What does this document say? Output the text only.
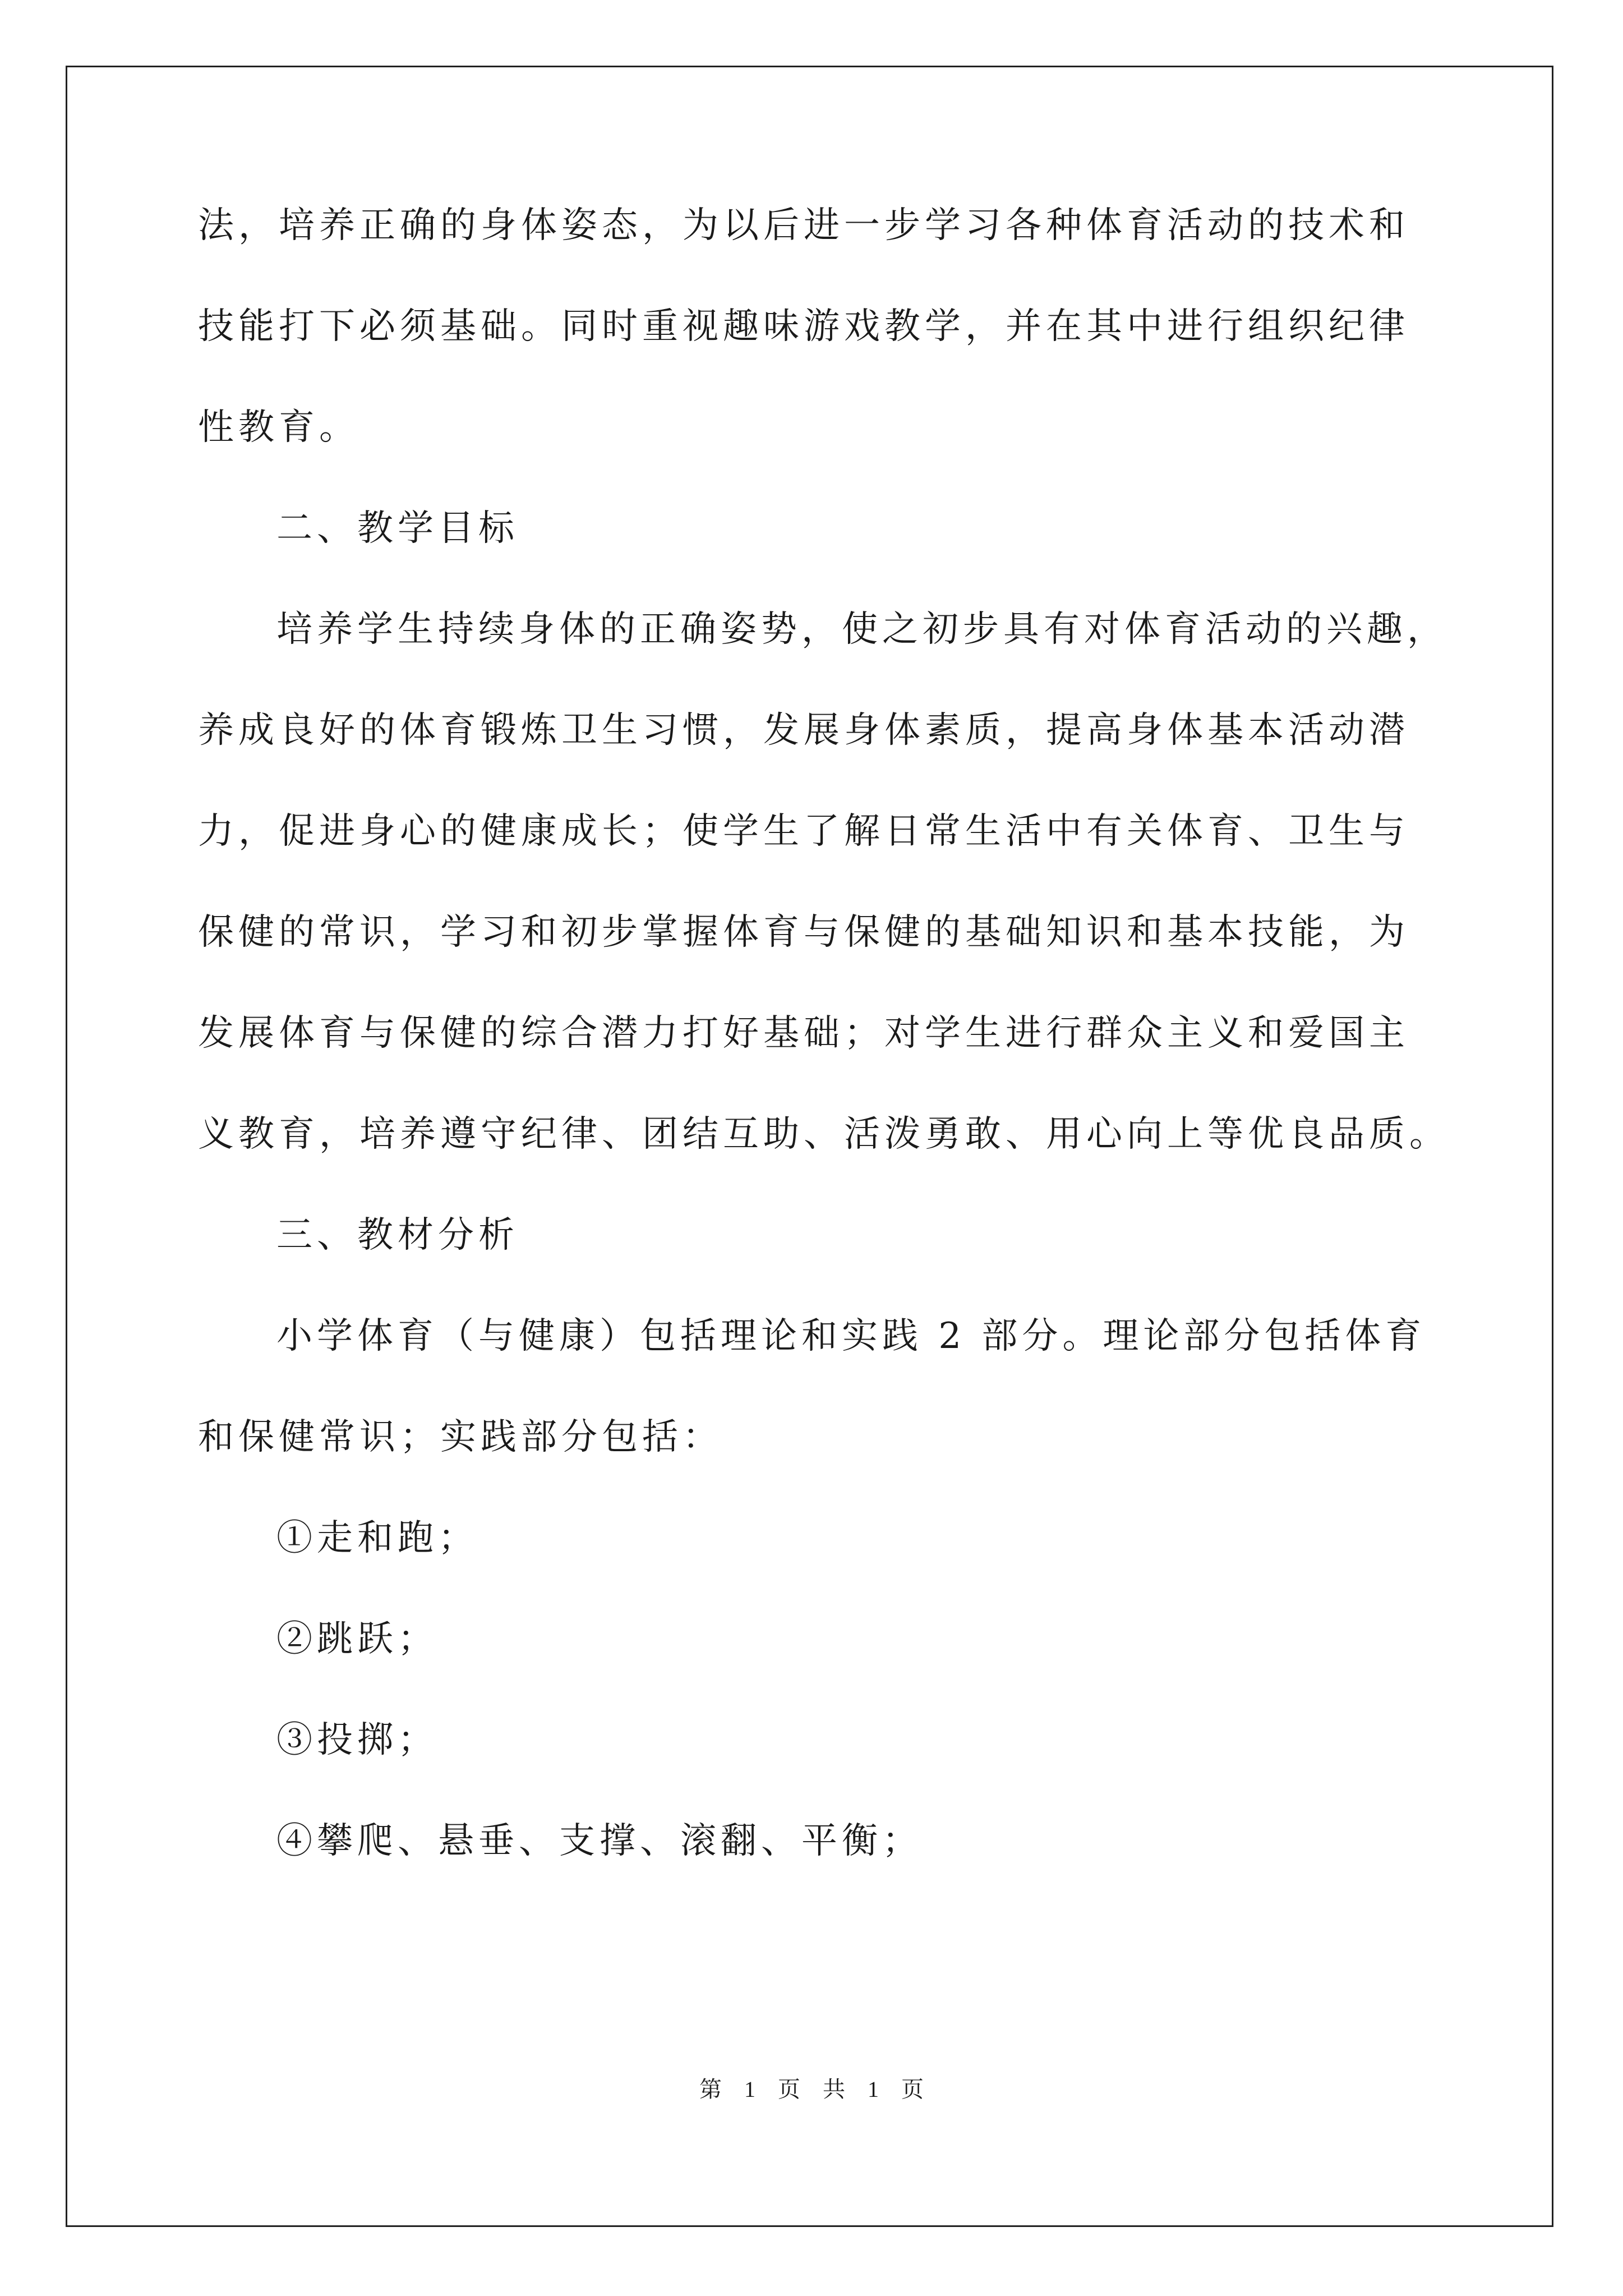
法，培养正确的身体姿态，为以后进一步学习各种体育活动的技术和
技能打下必须基础。同时重视趣味游戏教学，并在其中进行组织纪律
性教育。
二、教学目标
培养学生持续身体的正确姿势，使之初步具有对体育活动的兴趣，
养成良好的体育锻炼卫生习惯，发展身体素质，提高身体基本活动潜
力，促进身心的健康成长；使学生了解日常生活中有关体育、卫生与
保健的常识，学习和初步掌握体育与保健的基础知识和基本技能，为
发展体育与保健的综合潜力打好基础；对学生进行群众主义和爱国主
义教育，培养遵守纪律、团结互助、活泼勇敢、用心向上等优良品质。
三、教材分析
小学体育（与健康）包括理论和实践 2 部分。理论部分包括体育
和保健常识；实践部分包括：
①走和跑；
②跳跃；
③投掷；
④攀爬、悬垂、支撑、滚翻、平衡；
第 1 页 共 1 页
